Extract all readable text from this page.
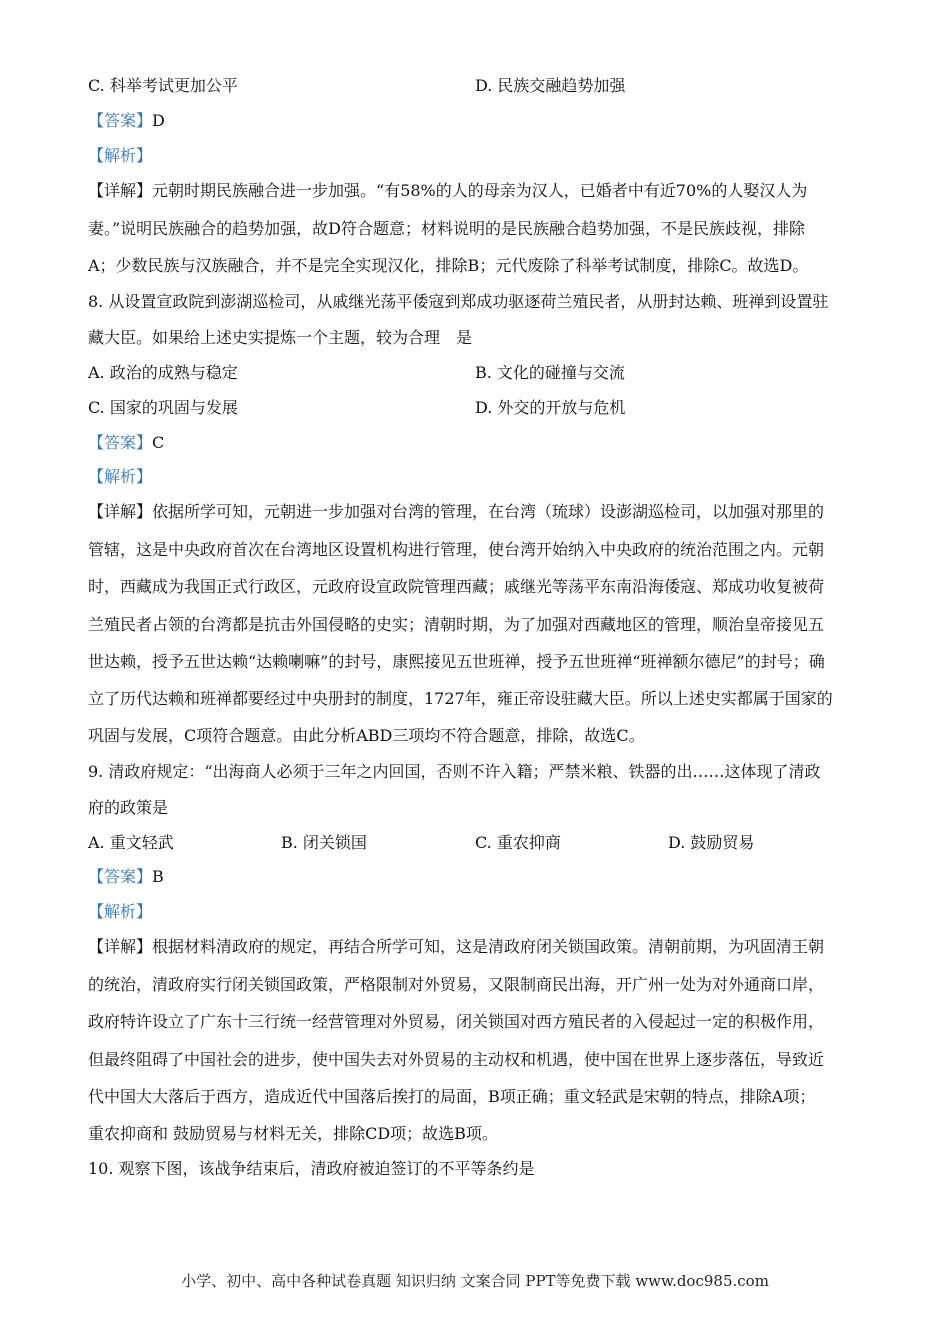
C. 科举考试更加公平	D. 民族交融趋势加强
【答案】D
【解析】
【详解】元朝时期民族融合进一步加强。“有58%的人的母亲为汉人，已婚者中有近70%的人娶汉人为
妻。”说明民族融合的趋势加强，故D符合题意；材料说明的是民族融合趋势加强，不是民族歧视，排除
A；少数民族与汉族融合，并不是完全实现汉化，排除B；元代废除了科举考试制度，排除C。故选D。
8. 从设置宣政院到澎湖巡检司，从戚继光荡平倭寇到郑成功驱逐荷兰殖民者，从册封达赖、班禅到设置驻
藏大臣。如果给上述史实提炼一个主题，较为合理　是
A. 政治的成熟与稳定	B. 文化的碰撞与交流
C. 国家的巩固与发展	D. 外交的开放与危机
【答案】C
【解析】
【详解】依据所学可知，元朝进一步加强对台湾的管理，在台湾（琉球）设澎湖巡检司，以加强对那里的
管辖，这是中央政府首次在台湾地区设置机构进行管理，使台湾开始纳入中央政府的统治范围之内。元朝
时，西藏成为我国正式行政区，元政府设宣政院管理西藏；戚继光等荡平东南沿海倭寇、郑成功收复被荷
兰殖民者占领的台湾都是抗击外国侵略的史实；清朝时期，为了加强对西藏地区的管理，顺治皇帝接见五
世达赖，授予五世达赖“达赖喇嘛”的封号，康熙接见五世班禅，授予五世班禅“班禅额尔德尼”的封号；确
立了历代达赖和班禅都要经过中央册封的制度，1727年，雍正帝设驻藏大臣。所以上述史实都属于国家的
巩固与发展，C项符合题意。由此分析ABD三项均不符合题意，排除，故选C。
9. 清政府规定：“出海商人必须于三年之内回国，否则不许入籍；严禁米粮、铁器的出……这体现了清政
府的政策是
A. 重文轻武	B. 闭关锁国	C. 重农抑商	D. 鼓励贸易
【答案】B
【解析】
【详解】根据材料清政府的规定，再结合所学可知，这是清政府闭关锁国政策。清朝前期，为巩固清王朝
的统治，清政府实行闭关锁国政策，严格限制对外贸易，又限制商民出海，开广州一处为对外通商口岸，
政府特许设立了广东十三行统一经营管理对外贸易，闭关锁国对西方殖民者的入侵起过一定的积极作用，
但最终阻碍了中国社会的进步，使中国失去对外贸易的主动权和机遇，使中国在世界上逐步落伍，导致近
代中国大大落后于西方，造成近代中国落后挨打的局面，B项正确；重文轻武是宋朝的特点，排除A项；
重农抑商和 鼓励贸易与材料无关，排除CD项；故选B项。
10. 观察下图，该战争结束后，清政府被迫签订的不平等条约是
小学、初中、高中各种试卷真题 知识归纳 文案合同 PPT等免费下载 www.doc985.com
